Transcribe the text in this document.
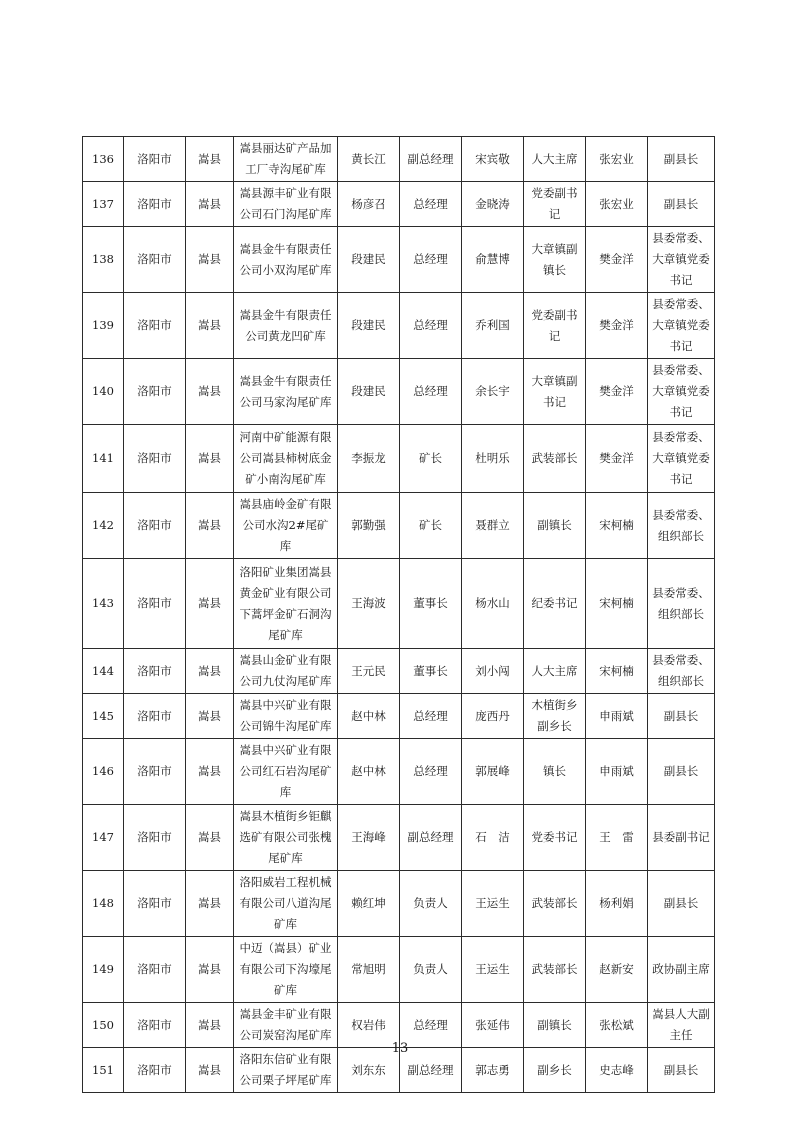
136	洛阳市	嵩县	嵩县丽达矿产品加工厂寺沟尾矿库	黄长江	副总经理	宋宾敬	人大主席	张宏业	副县长
137	洛阳市	嵩县	嵩县源丰矿业有限公司石门沟尾矿库	杨彦召	总经理	金晓涛	党委副书记	张宏业	副县长
138	洛阳市	嵩县	嵩县金牛有限责任公司小双沟尾矿库	段建民	总经理	俞慧博	大章镇副镇长	樊金洋	县委常委、大章镇党委书记
139	洛阳市	嵩县	嵩县金牛有限责任公司黄龙凹矿库	段建民	总经理	乔利国	党委副书记	樊金洋	县委常委、大章镇党委书记
140	洛阳市	嵩县	嵩县金牛有限责任公司马家沟尾矿库	段建民	总经理	余长宇	大章镇副书记	樊金洋	县委常委、大章镇党委书记
141	洛阳市	嵩县	河南中矿能源有限公司嵩县柿树底金矿小南沟尾矿库	李振龙	矿长	杜明乐	武装部长	樊金洋	县委常委、大章镇党委书记
142	洛阳市	嵩县	嵩县庙岭金矿有限公司水沟2#尾矿库	郭勤强	矿长	聂群立	副镇长	宋柯楠	县委常委、组织部长
143	洛阳市	嵩县	洛阳矿业集团嵩县黄金矿业有限公司下蒿坪金矿石洞沟尾矿库	王海波	董事长	杨水山	纪委书记	宋柯楠	县委常委、组织部长
144	洛阳市	嵩县	嵩县山金矿业有限公司九仗沟尾矿库	王元民	董事长	刘小闯	人大主席	宋柯楠	县委常委、组织部长
145	洛阳市	嵩县	嵩县中兴矿业有限公司锦牛沟尾矿库	赵中林	总经理	庞西丹	木植街乡副乡长	申雨斌	副县长
146	洛阳市	嵩县	嵩县中兴矿业有限公司红石岩沟尾矿库	赵中林	总经理	郭展峰	镇长	申雨斌	副县长
147	洛阳市	嵩县	嵩县木植街乡钜麒选矿有限公司张槐尾矿库	王海峰	副总经理	石　洁	党委书记	王　雷	县委副书记
148	洛阳市	嵩县	洛阳威岩工程机械有限公司八道沟尾矿库	赖红坤	负责人	王运生	武装部长	杨利娟	副县长
149	洛阳市	嵩县	中迈（嵩县）矿业有限公司下沟壕尾矿库	常旭明	负责人	王运生	武装部长	赵新安	政协副主席
150	洛阳市	嵩县	嵩县金丰矿业有限公司炭窑沟尾矿库	权岩伟	总经理	张延伟	副镇长	张松斌	嵩县人大副主任
151	洛阳市	嵩县	洛阳东信矿业有限公司栗子坪尾矿库	刘东东	副总经理	郭志勇	副乡长	史志峰	副县长
13
